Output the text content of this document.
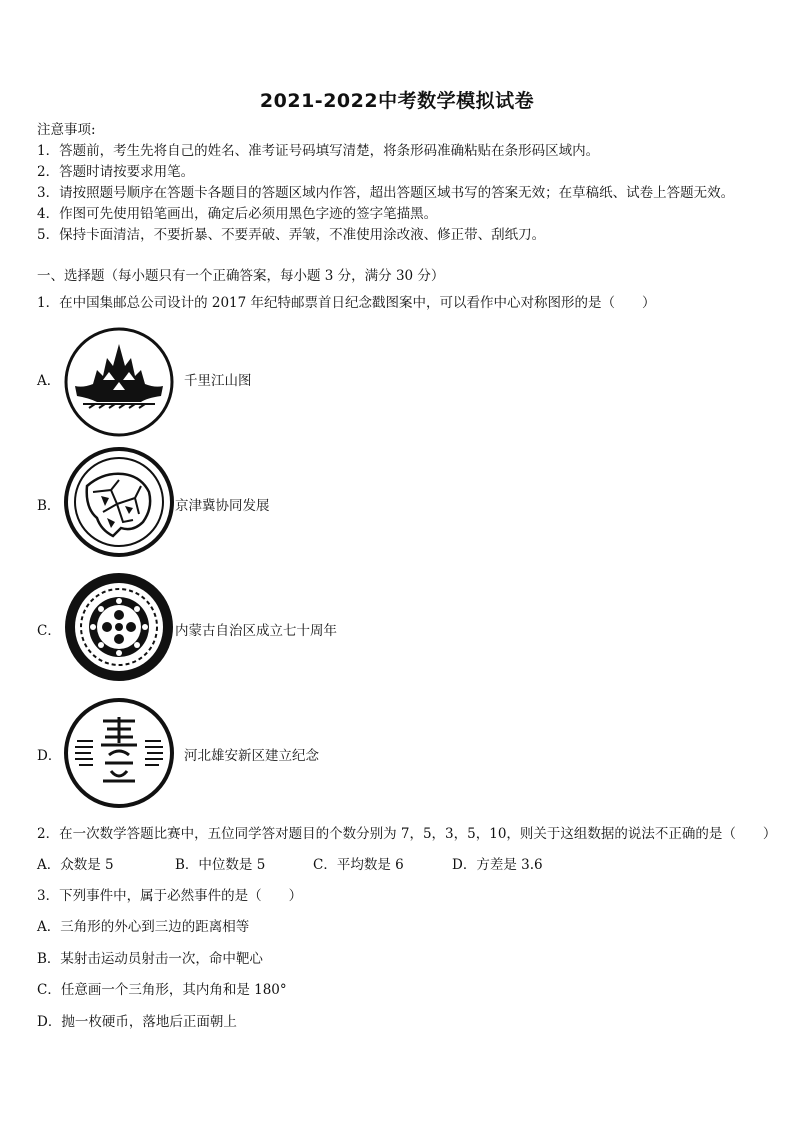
2021-2022中考数学模拟试卷
注意事项:
1．答题前，考生先将自己的姓名、准考证号码填写清楚，将条形码准确粘贴在条形码区域内。
2．答题时请按要求用笔。
3．请按照题号顺序在答题卡各题目的答题区域内作答，超出答题区域书写的答案无效；在草稿纸、试卷上答题无效。
4．作图可先使用铅笔画出，确定后必须用黑色字迹的签字笔描黑。
5．保持卡面清洁，不要折暴、不要弄破、弄皱，不准使用涂改液、修正带、刮纸刀。
一、选择题（每小题只有一个正确答案，每小题 3 分，满分 30 分）
1．在中国集邮总公司设计的 2017 年纪特邮票首日纪念戳图案中，可以看作中心对称图形的是（　　）
A．	千里江山图
B．	京津冀协同发展
C．	内蒙古自治区成立七十周年
D．	河北雄安新区建立纪念
2．在一次数学答题比赛中，五位同学答对题目的个数分别为 7，5，3，5，10，则关于这组数据的说法不正确的是（　　）
A．众数是 5	B．中位数是 5	C．平均数是 6	D．方差是 3.6
3．下列事件中，属于必然事件的是（　　）
A．三角形的外心到三边的距离相等
B．某射击运动员射击一次，命中靶心
C．任意画一个三角形，其内角和是 180°
D．抛一枚硬币，落地后正面朝上
